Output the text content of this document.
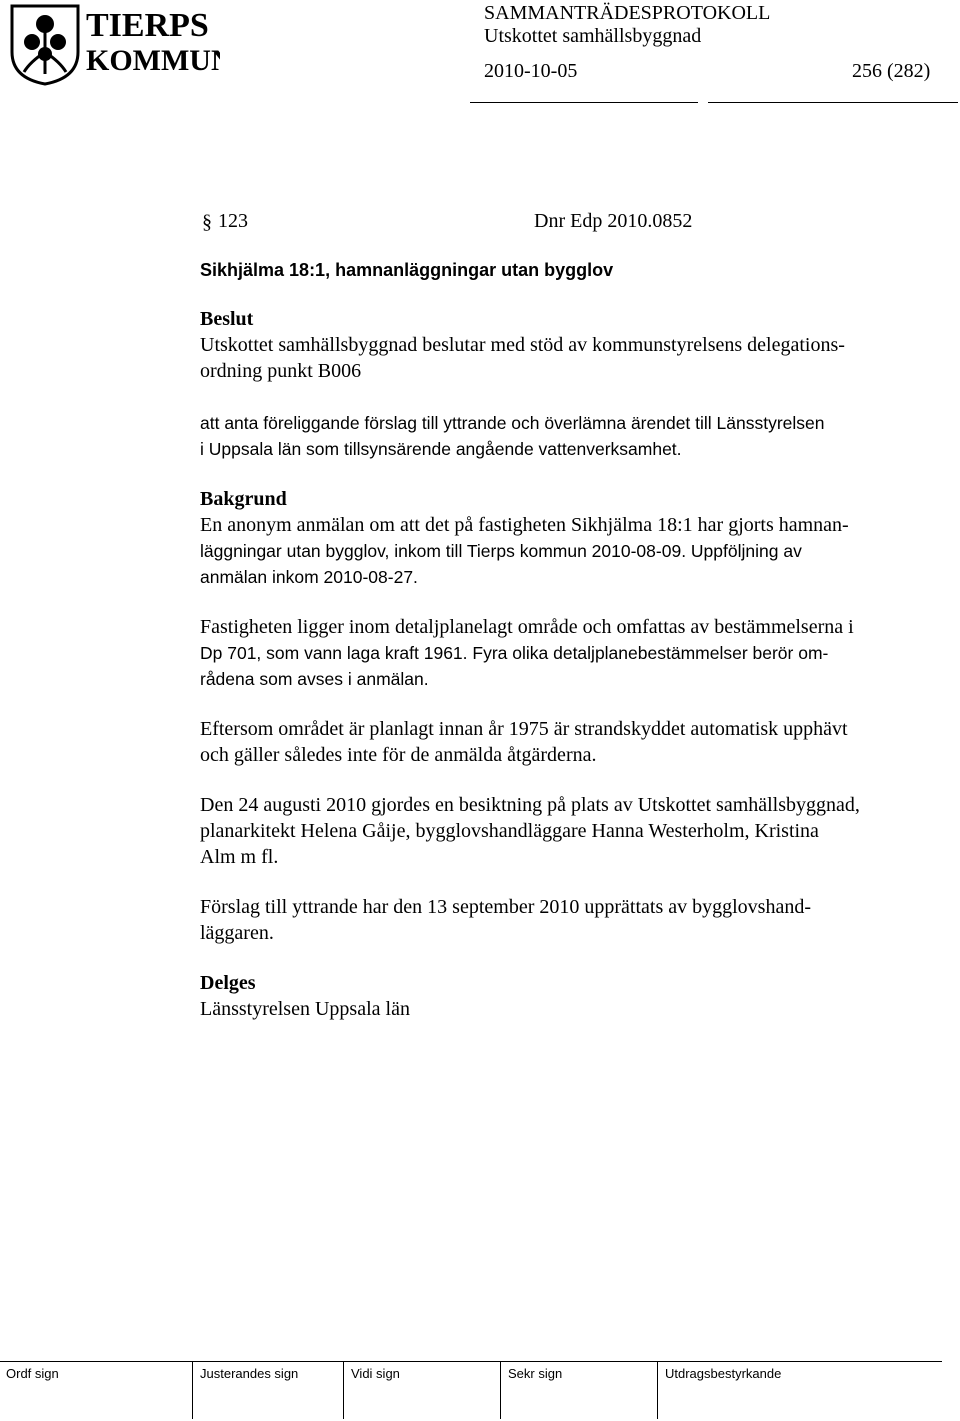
TIERPS
KOMMUN
SAMMANTRÄDESPROTOKOLL
Utskottet samhällsbyggnad
2010-10-05	256 (282)
§ 123	Dnr Edp 2010.0852
Sikhjälma 18:1, hamnanläggningar utan bygglov
Beslut
Utskottet samhällsbyggnad beslutar med stöd av kommunstyrelsens delegations-
ordning punkt B006
att anta föreliggande förslag till yttrande och överlämna ärendet till Länsstyrelsen
i Uppsala län som tillsynsärende angående vattenverksamhet.
Bakgrund
En anonym anmälan om att det på fastigheten Sikhjälma 18:1 har gjorts hamnan-
läggningar utan bygglov, inkom till Tierps kommun 2010-08-09. Uppföljning av
anmälan inkom 2010-08-27.
Fastigheten ligger inom detaljplanelagt område och omfattas av bestämmelserna i
Dp 701, som vann laga kraft 1961. Fyra olika detaljplanebestämmelser berör om-
rådena som avses i anmälan.
Eftersom området är planlagt innan år 1975 är strandskyddet automatisk upphävt
och gäller således inte för de anmälda åtgärderna.
Den 24 augusti 2010 gjordes en besiktning på plats av Utskottet samhällsbyggnad,
planarkitekt Helena Gåije, bygglovshandläggare Hanna Westerholm, Kristina
Alm m fl.
Förslag till yttrande har den 13 september 2010 upprättats av bygglovshand-
läggaren.
Delges
Länsstyrelsen Uppsala län
Ordf sign	Justerandes sign	Vidi sign	Sekr sign	Utdragsbestyrkande
